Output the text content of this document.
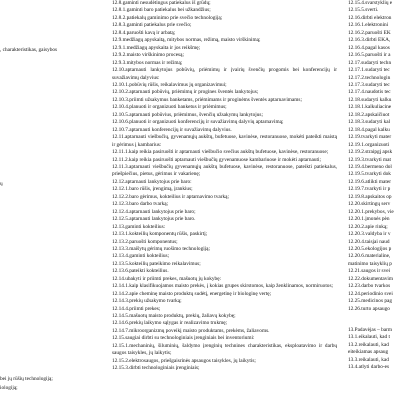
, charakteristikas, gaisybos
ų
bei jų rūšių technologiją;
iologiją;
12.8.gaminti nesudėtingus patiekalus iš grūdų;
12.8.1.gaminti baro patiekalus bei užkandžius;
12.8.2.patiekalų gaminimo prie svečio technologiją;
12.8.3.gaminti patiekalus prie svečio;
12.8.4.paruošti kavą ir arbatą;
12.9.medžiagų apyskaitą, mitybos normas, režimą, maisto virškinimą;
12.9.1.medžiagų apyskaita ir jos reikšmę;
12.9.2.maisto virškinimo procesą;
12.9.3.mitybos normas ir režimą;
12.10.aptarnauti lankytojus pobūvių, priėmimų ir įvairių švenčių progomis bei konferencijų ir suvažiavimų dalyvius:
12.10.1.pobūvių rūšis, reikalavimus jų organizavimui;
12.10.2.aptarnauti pobūvių, priėmimų ir progines šventės lankytojus;
12.10.3.priimti užsakymus banketams, priėmimams ir proginėms šventės aptarnavimams;
12.10.4.planuoti ir organizuoti banketus ir priėmimus;
12.10.5.aptarnauti pobūvius, priėmimus, švenčių užsakymų lankytojus;
12.10.6.planuoti ir organizuoti konferencijų ir suvažiavimų dalyvių aptarnavimą;
12.10.7.aptarnauti konferencijų ir suvažiavimų dalyvius.
12.11.aptarnauti viešbučių, gyvenamųjų aukštų, bufetuose, kavinėse, restoranuose, mokėti pateikti maistą ir gėrimus į kambarius:
12.11.1.kaip reikia pasiruošti ir aptarnauti viešbučio svečius aukštų bufetuose, kavinėse, restoranuose;
12.11.2.kaip reikia pasiruošti aptarnauti viešbučių gyvenamuose kambariuose ir mokėti aptarnauti;
12.11.3.aptarnauti viešbučių gyvenamųjų aukštų bufetuose, kavinėse, restoranuose, pateikti patiekalus, priešpiečius, pietus, gėrimus ir vakarienę;
12.12.aptarnauti lankytojus prie baro:
12.12.1.baro rūšis, įrengimą, įrankius;
12.12.2.baro gėrimus, kokteilius ir aptarnavimo tvarką;
12.12.3.baro darbo tvarką;
12.12.4.aptarnauti lankytojus prie baro;
12.12.5.aptarnauti lankytojus prie baro.
12.13.gaminti kokteilius:
12.13.1.kokteilių komponentų rūšis, paskirtį;
12.13.2.paruošti komponentus;
12.13.3.maišytų gėrimų ruošimo technologiją;
12.13.4.gaminti kokteilius;
12.13.5.kokteilių pateikimo reikalavimus;
12.13.6.pateikti kokteilius.
12.14.ubakyti ir priimti prekes, mašuotų jų kokybę:
12.14.1.kaip klasifikuojamos maisto prekės, į kokias grupes skirstomos, kaip ženklinamos, normiruotos;
12.14.2.apie cheminę maisto produktų sudėtį, energetinę ir biologinę vertę;
12.14.3.prekių užsakymo tvarką;
12.14.4.priimti prekes;
12.14.5.mašuotų maisto produktų, prekių, žaliavų kokybę;
12.14.6.prekių laikymo sąlygas ir realizavimo trukmę;
12.14.7.mikroorganizmų poveikį maisto produktams, prekėms, žaliavoms.
12.15.saugiai dirbti su technologiniais įrenginiais bei inventoriumi:
12.15.1.mechaninių, šiluminių, šaldymo įrenginių technines charakteristikas, eksploatavimo ir darbų saugos taisykles, jų laikytis;
12.15.2.elektrosaugos, priešgaisrinės apsaugos taisykles, jų laikytis;
12.15.3.dirbti technologiniais įrenginiais;
12.15.4.svarstyklių e
12.15.5.sverti.
12.16.dirbti elektron
12.16.1.elektronini
12.16.2.paruošti EK
12.16.3.dirbti EKA,
12.16.4.pagal kasos
12.16.5.paruošti ir a
12.17.sudaryti techn
12.17.1.sudaryti tec
12.17.2.technologin
12.17.3.sudaryti tec
12.17.4.naudotis tec
12.18.sudaryti kalku
12.18.1.kalkuliacine
12.18.2.apskaičiuot
12.18.3.sudaryti kal
12.18.4.pagal kalku
12.19.tvarkyti mater
12.19.1.organizuoti
12.19.2.straipgį apsk
12.19.3.tvarkyti mat
12.19.4.bermeno dol
12.19.5.tvarkyti dok
12.19.6.atlikti mater
12.19.7.tvarkyti ir p
12.19.8.apskaitos op
12.20.skirtingų serv
12.20.1.prekybos, vie
12.20.1.įmonės pėn
12.20.2.apie rinką;
12.20.3.valdyba ir v
12.20.4.taisjai naud
12.20.5.ekologijos p
12.20.6.materialine,
matinimo taisyklių p
12.21.saugos ir svei
12.22.dokumentavim
12.23.darbo tvarkos
12.24.periodinio svei
12.25.medicinos pag
12.26.turto apsaugo
13.Padavėjas – barm
13.1.eikalauti, kad t
13.2.reikalauti, kad
eiteikiamas apsaug
13.3.reikalauti, kad
13.4.atlyti darbo-es
